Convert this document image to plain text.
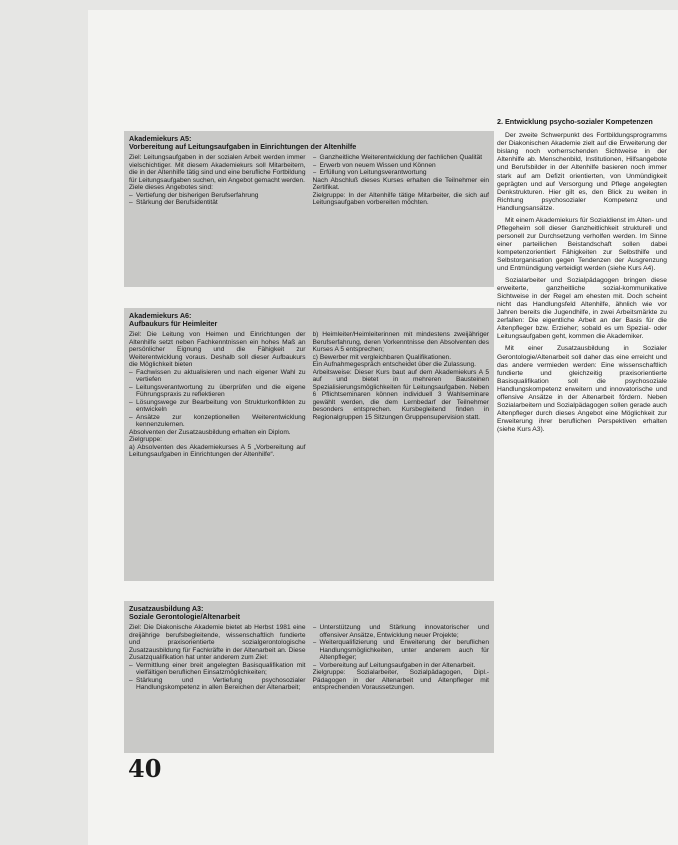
Akademiekurs A5:
Vorbereitung auf Leitungsaufgaben in Einrichtungen der Altenhilfe

Ziel: Leitungsaufgaben in der sozialen Arbeit werden immer vielschichtiger. Mit diesem Akademiekurs soll Mitarbeitern, die in der Altenhilfe tätig sind und eine berufliche Fortbildung für Leitungsaufgaben suchen, ein Angebot gemacht werden.

Ziele dieses Angebotes sind:

– Vertiefung der bisherigen Berufserfahrung
– Stärkung der Berufsidentität
– Ganzheitliche Weiterentwicklung der fachlichen Qualität
– Erwerb von neuem Wissen und Können
– Erfüllung von Leitungsverantwortung

Nach Abschluß dieses Kurses erhalten die Teilnehmer ein Zertifikat.

Zielgruppe: In der Altenhilfe tätige Mitarbeiter, die sich auf Leitungsaufgaben vorbereiten möchten.

Akademiekurs A6:
Aufbaukurs für Heimleiter

Ziel: Die Leitung von Heimen und Einrichtungen der Altenhilfe setzt neben Fachkenntnissen ein hohes Maß an persönlicher Eignung und die Fähigkeit zur Weiterentwicklung voraus. Deshalb soll dieser Aufbaukurs die Möglichkeit bieten

– Fachwissen zu aktualisieren und nach eigener Wahl zu vertiefen
– Leitungsverantwortung zu überprüfen und die eigene Führungspraxis zu reflektieren
– Lösungswege zur Bearbeitung von Strukturkonflikten zu entwickeln
– Ansätze zur konzeptionellen Weiterentwicklung kennenzulernen.

Absolventen der Zusatzausbildung erhalten ein Diplom.

Zielgruppe:

a) Absolventen des Akademiekurses A 5 „Vorbereitung auf Leitungsaufgaben in Einrichtungen der Altenhilfe“.

b) Heimleiter/Heimleiterinnen mit mindestens zweijähriger Berufserfahrung, deren Vorkenntnisse den Absolventen des Kurses A 5 entsprechen;

c) Bewerber mit vergleichbaren Qualifikationen.

Ein Aufnahmegespräch entscheidet über die Zulassung.

Arbeitsweise: Dieser Kurs baut auf dem Akademiekurs A 5 auf und bietet in mehreren Bausteinen Spezialisierungsmöglichkeiten für Leitungsaufgaben. Neben 6 Pflichtseminaren können individuell 3 Wahlseminare gewählt werden, die dem Lernbedarf der Teilnehmer besonders entsprechen. Kursbegleitend finden in Regionalgruppen 15 Sitzungen Gruppensupervision statt.

Zusatzausbildung A3:
Soziale Gerontologie/Altenarbeit

Ziel: Die Diakonische Akademie bietet ab Herbst 1981 eine dreijährige berufsbegleitende, wissenschaftlich fundierte und praxisorientierte sozialgerontologische Zusatzausbildung für Fachkräfte in der Altenarbeit an. Diese Zusatzqualifikation hat unter anderem zum Ziel:

– Vermittlung einer breit angelegten Basisqualifikation mit vielfältigen beruflichen Einsatzmöglichkeiten;
– Stärkung und Vertiefung psychosozialer Handlungskompetenz in allen Bereichen der Altenarbeit;
– Unterstützung und Stärkung innovatorischer und offensiver Ansätze, Entwicklung neuer Projekte;
– Weiterqualifizierung und Erweiterung der beruflichen Handlungsmöglichkeiten, unter anderem auch für Altenpfleger;
– Vorbereitung auf Leitungsaufgaben in der Altenarbeit.

Zielgruppe: Sozialarbeiter, Sozialpädagogen, Dipl.-Pädagogen in der Altenarbeit und Altenpfleger mit entsprechenden Voraussetzungen.

2. Entwicklung psycho-sozialer Kompetenzen

Der zweite Schwerpunkt des Fortbildungsprogramms der Diakonischen Akademie zielt auf die Erweiterung der bislang noch vorherrschenden Sichtweise in der Altenhilfe ab. Menschenbild, Institutionen, Hilfsangebote und Berufsbilder in der Altenhilfe basieren noch immer stark auf am Defizit orientierten, von Unmündigkeit geprägten und auf Versorgung und Pflege angelegten Denkstrukturen. Hier gilt es, den Blick zu weiten in Richtung psychosozialer Kompetenz und Handlungsansätze.

Mit einem Akademiekurs für Sozialdienst im Alten- und Pflegeheim soll dieser Ganzheitlichkeit strukturell und personell zur Durchsetzung verholfen werden. Im Sinne einer parteilichen Beistandschaft sollen dabei kompetenzorientiert Fähigkeiten zur Selbsthilfe und Selbstorganisation gegen Tendenzen der Ausgrenzung und Entmündigung verteidigt werden (siehe Kurs A4).

Sozialarbeiter und Sozialpädagogen bringen diese erweiterte, ganzheitliche sozial-kommunikative Sichtweise in der Regel am ehesten mit. Doch scheint nicht das Handlungsfeld Altenhilfe, ähnlich wie vor Jahren bereits die Jugendhilfe, in zwei Arbeitsmärkte zu zerfallen: Die eigentliche Arbeit an der Basis für die Altenpfleger bzw. Erzieher; sobald es um Spezial- oder Leitungsaufgaben geht, kommen die Akademiker.

Mit einer Zusatzausbildung in Sozialer Gerontologie/Altenarbeit soll daher das eine erreicht und das andere vermieden werden: Eine wissenschaftlich fundierte und gleichzeitig praxisorientierte Basisqualifikation soll die psychosoziale Handlungskompetenz erweitern und innovatorische und offensive Ansätze in der Altenarbeit fördern. Neben Sozialarbeitern und Sozialpädagogen sollen gerade auch Altenpfleger durch dieses Angebot eine Möglichkeit zur Erweiterung ihrer beruflichen Perspektiven erhalten (siehe Kurs A3).

40
